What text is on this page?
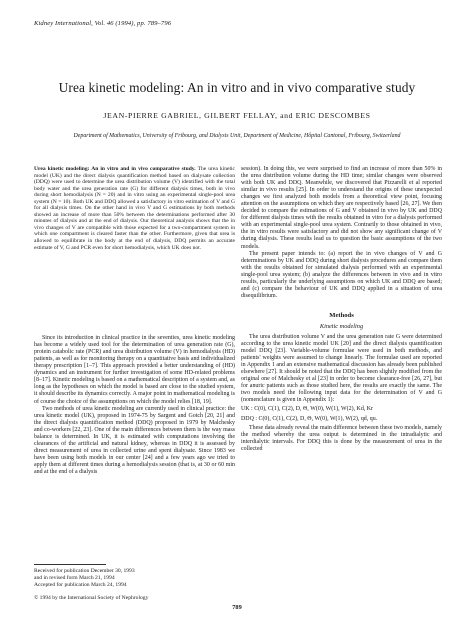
Kidney International, Vol. 46 (1994), pp. 789–796
Urea kinetic modeling: An in vitro and in vivo comparative study
JEAN-PIERRE GABRIEL, GILBERT FELLAY, and ERIC DESCOMBES
Department of Mathematics, University of Fribourg, and Dialysis Unit, Department of Medicine, Hôpital Cantonal, Fribourg, Switzerland

Urea kinetic modeling: An in vitro and in vivo comparative study. The urea kinetic model (UK) and the direct dialysis quantification method based on dialysate collection (DDQ) were used to determine the urea distribution volume (V) identified with the total body water and the urea generation rate (G) for different dialysis times, both in vivo during short hemodialysis (N = 20) and in vitro using an experimental single-pool urea system (N = 10). Both UK and DDQ allowed a satisfactory in vitro estimation of V and G for all dialysis times. On the other hand in vivo V and G estimations by both methods showed an increase of more than 50% between the determinations performed after 30 minutes of dialysis and at the end of dialysis. Our theoretical analysis shows that the in vivo changes of V are compatible with those expected for a two-compartment system in which one compartment is cleared faster than the other. Furthermore, given that urea is allowed to equilibrate in the body at the end of dialysis, DDQ permits an accurate estimate of V, G and PCR even for short hemodialysis, which UK does not.

Since its introduction in clinical practice in the seventies, urea kinetic modeling has become a widely used tool for the determination of urea generation rate (G), protein catabolic rate (PCR) and urea distribution volume (V) in hemodialysis (HD) patients, as well as for monitoring therapy on a quantitative basis and individualized therapy prescription [1–7]. This approach provided a better understanding of (HD) dynamics and an instrument for further investigation of some HD-related problems [8–17]. Kinetic modeling is based on a mathematical description of a system and, as long as the hypotheses on which the model is based are close to the studied system, it should describe its dynamics correctly. A major point in mathematical modeling is of course the choice of the assumptions on which the model relies [18, 19].

Two methods of urea kinetic modeling are currently used in clinical practice: the urea kinetic model (UK), proposed in 1974-75 by Sargent and Gotch [20, 21] and the direct dialysis quantification method (DDQ) proposed in 1979 by Malchesky and co-workers [22, 23]. One of the main differences between them is the way mass balance is determined. In UK, it is estimated with computations involving the clearances of the artificial and natural kidney, whereas in DDQ it is assessed by direct measurement of urea in collected urine and spent dialysate. Since 1983 we have been using both models in our center [24] and a few years ago we tried to apply them at different times during a hemodialysis session (that is, at 30 or 60 min and at the end of a dialysis

session). In doing this, we were surprised to find an increase of more than 50% in the urea distribution volume during the HD time; similar changes were observed with both UK and DDQ. Meanwhile, we discovered that Pizzarelli et al reported similar in vivo results [25]. In order to understand the origins of these unexpected changes we first analyzed both models from a theoretical view point, focusing attention on the assumptions on which they are respectively based [26, 27]. We then decided to compare the estimations of G and V obtained in vivo by UK and DDQ for different dialysis times with the results obtained in vitro for a dialysis performed with an experimental single-pool urea system. Contrarily to those obtained in vivo, the in vitro results were satisfactory and did not show any significant change of V during dialysis. These results lead us to question the basic assumptions of the two models.

The present paper intends to: (a) report the in vivo changes of V and G determinations by UK and DDQ during short dialysis procedures and compare them with the results obtained for simulated dialysis performed with an experimental single-pool urea system; (b) analyze the differences between in vivo and in vitro results, particularly the underlying assumptions on which UK and DDQ are based; and (c) compare the behaviour of UK and DDQ applied in a situation of urea disequilibrium.

Methods
Kinetic modeling

The urea distribution volume V and the urea generation rate G were determined according to the urea kinetic model UK [20] and the direct dialysis quantification model DDQ [23]. Variable-volume formulae were used in both methods, and patients' weights were assumed to change linearly. The formulae used are reported in Appendix 1 and an extensive mathematical discussion has already been published elsewhere [27]. It should be noted that the DDQ has been slightly modified from the original one of Malchesky et al [23] in order to become clearance-free [26, 27], but for anuric patients such as those studied here, the results are exactly the same. The two models need the following input data for the determination of V and G (nomenclature is given in Appendix 1):

UK : C(0), C(1), C(2), D, Θ, W(0), W(1), W(2), Kd, Kr

DDQ : C(0), C(1), C(2), D, Θ, W(0), W(1), W(2), qd, qu.

These data already reveal the main difference between these two models, namely the method whereby the urea output is determined in the intradialytic and interdialytic intervals. For DDQ this is done by the measurement of urea in the collected

Received for publication December 30, 1993
and in revised form March 21, 1994
Accepted for publication March 24, 1994
© 1994 by the International Society of Nephrology
789
